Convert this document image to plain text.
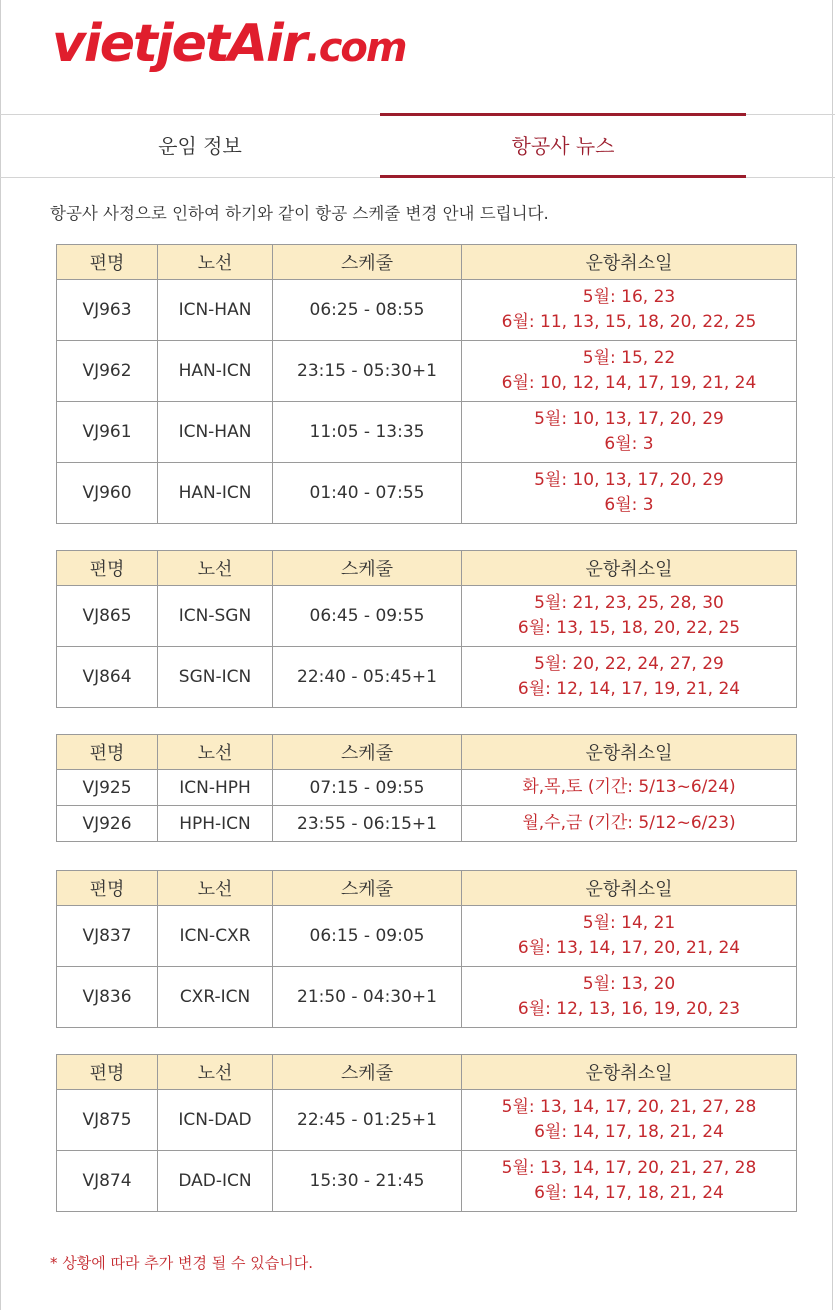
vietjetAir.com
운임 정보	항공사 뉴스
항공사 사정으로 인하여 하기와 같이 항공 스케줄 변경 안내 드립니다.
편명	노선	스케줄	운항취소일
VJ963	ICN-HAN	06:25 - 08:55	5월: 16, 23
6월: 11, 13, 15, 18, 20, 22, 25

VJ962	HAN-ICN	23:15 - 05:30+1	5월: 15, 22
6월: 10, 12, 14, 17, 19, 21, 24

VJ961	ICN-HAN	11:05 - 13:35	5월: 10, 13, 17, 20, 29
6월: 3

VJ960	HAN-ICN	01:40 - 07:55	5월: 10, 13, 17, 20, 29
6월: 3
편명	노선	스케줄	운항취소일
VJ865	ICN-SGN	06:45 - 09:55	5월: 21, 23, 25, 28, 30
6월: 13, 15, 18, 20, 22, 25

VJ864	SGN-ICN	22:40 - 05:45+1	5월: 20, 22, 24, 27, 29
6월: 12, 14, 17, 19, 21, 24
편명	노선	스케줄	운항취소일
VJ925	ICN-HPH	07:15 - 09:55	화,목,토 (기간: 5/13~6/24)

VJ926	HPH-ICN	23:55 - 06:15+1	월,수,금 (기간: 5/12~6/23)
편명	노선	스케줄	운항취소일
VJ837	ICN-CXR	06:15 - 09:05	5월: 14, 21
6월: 13, 14, 17, 20, 21, 24

VJ836	CXR-ICN	21:50 - 04:30+1	5월: 13, 20
6월: 12, 13, 16, 19, 20, 23
편명	노선	스케줄	운항취소일
VJ875	ICN-DAD	22:45 - 01:25+1	5월: 13, 14, 17, 20, 21, 27, 28
6월: 14, 17, 18, 21, 24

VJ874	DAD-ICN	15:30 - 21:45	5월: 13, 14, 17, 20, 21, 27, 28
6월: 14, 17, 18, 21, 24
* 상황에 따라 추가 변경 될 수 있습니다.
